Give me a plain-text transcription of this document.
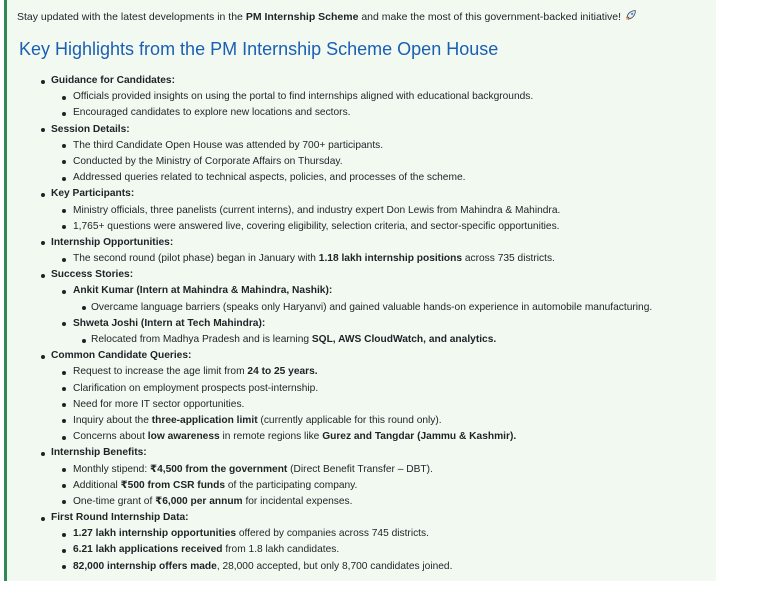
Stay updated with the latest developments in the PM Internship Scheme and make the most of this government-backed initiative!
Key Highlights from the PM Internship Scheme Open House
Guidance for Candidates:
Officials provided insights on using the portal to find internships aligned with educational backgrounds.
Encouraged candidates to explore new locations and sectors.
Session Details:
The third Candidate Open House was attended by 700+ participants.
Conducted by the Ministry of Corporate Affairs on Thursday.
Addressed queries related to technical aspects, policies, and processes of the scheme.
Key Participants:
Ministry officials, three panelists (current interns), and industry expert Don Lewis from Mahindra & Mahindra.
1,765+ questions were answered live, covering eligibility, selection criteria, and sector-specific opportunities.
Internship Opportunities:
The second round (pilot phase) began in January with 1.18 lakh internship positions across 735 districts.
Success Stories:
Ankit Kumar (Intern at Mahindra & Mahindra, Nashik):
Overcame language barriers (speaks only Haryanvi) and gained valuable hands-on experience in automobile manufacturing.
Shweta Joshi (Intern at Tech Mahindra):
Relocated from Madhya Pradesh and is learning SQL, AWS CloudWatch, and analytics.
Common Candidate Queries:
Request to increase the age limit from 24 to 25 years.
Clarification on employment prospects post-internship.
Need for more IT sector opportunities.
Inquiry about the three-application limit (currently applicable for this round only).
Concerns about low awareness in remote regions like Gurez and Tangdar (Jammu & Kashmir).
Internship Benefits:
Monthly stipend: ₹4,500 from the government (Direct Benefit Transfer – DBT).
Additional ₹500 from CSR funds of the participating company.
One-time grant of ₹6,000 per annum for incidental expenses.
First Round Internship Data:
1.27 lakh internship opportunities offered by companies across 745 districts.
6.21 lakh applications received from 1.8 lakh candidates.
82,000 internship offers made, 28,000 accepted, but only 8,700 candidates joined.
